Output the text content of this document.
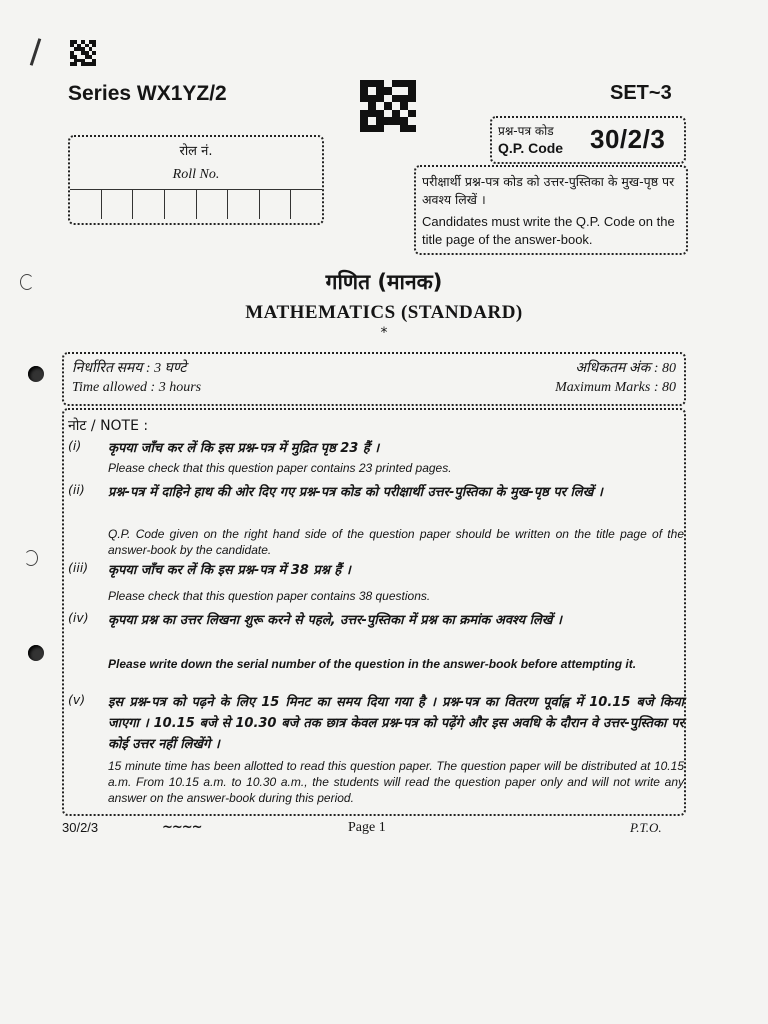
Series WX1YZ/2	SET~3
प्रश्न-पत्र कोड
Q.P. Code 30/2/3
रोल नं.
Roll No.	परीक्षार्थी प्रश्न-पत्र कोड को उत्तर-पुस्तिका के मुख-पृष्ठ पर अवश्य लिखें ।
Candidates must write the Q.P. Code on the title page of the answer-book.
गणित (मानक)
MATHEMATICS (STANDARD)
*
निर्धारित समय : 3 घण्टे
Time allowed : 3 hours
अधिकतम अंक : 80
Maximum Marks : 80
नोट / NOTE :
(i) कृपया जाँच कर लें कि इस प्रश्न-पत्र में मुद्रित पृष्ठ 23 हैं ।
Please check that this question paper contains 23 printed pages.
(ii) प्रश्न-पत्र में दाहिने हाथ की ओर दिए गए प्रश्न-पत्र कोड को परीक्षार्थी उत्तर-पुस्तिका के मुख-पृष्ठ पर लिखें ।
Q.P. Code given on the right hand side of the question paper should be written on the title page of the answer-book by the candidate.
(iii) कृपया जाँच कर लें कि इस प्रश्न-पत्र में 38 प्रश्न हैं ।
Please check that this question paper contains 38 questions.
(iv) कृपया प्रश्न का उत्तर लिखना शुरू करने से पहले, उत्तर-पुस्तिका में प्रश्न का क्रमांक अवश्य लिखें ।
Please write down the serial number of the question in the answer-book before attempting it.
(v) इस प्रश्न-पत्र को पढ़ने के लिए 15 मिनट का समय दिया गया है । प्रश्न-पत्र का वितरण पूर्वाह्न में 10.15 बजे किया जाएगा । 10.15 बजे से 10.30 बजे तक छात्र केवल प्रश्न-पत्र को पढ़ेंगे और इस अवधि के दौरान वे उत्तर-पुस्तिका पर कोई उत्तर नहीं लिखेंगे ।
15 minute time has been allotted to read this question paper. The question paper will be distributed at 10.15 a.m. From 10.15 a.m. to 10.30 a.m., the students will read the question paper only and will not write any answer on the answer-book during this period.
30/2/3	~~~~	Page 1	P.T.O.
